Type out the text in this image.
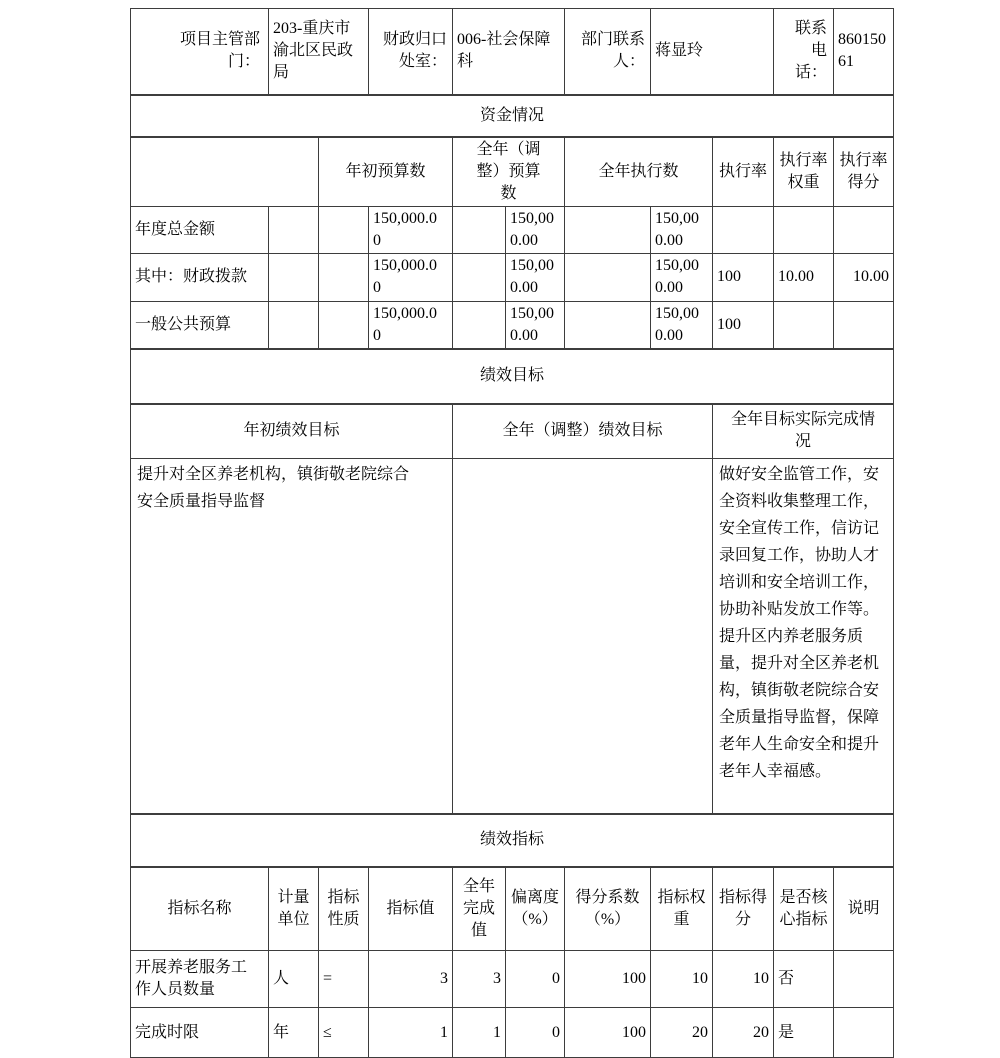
项目主管部门：	203-重庆市渝北区民政局		财政归口处室：	006-社会保障科		部门联系人：	蒋显玲		联系电话：	86015061
资金情况										
		年初预算数		全年（调整）预算数		全年执行数		执行率	执行率权重	执行率得分
年度总金额			150,000.00		150,000.00		150,000.00			
其中：财政拨款			150,000.00		150,000.00		150,000.00	100	10.00	10.00
一般公共预算			150,000.00		150,000.00		150,000.00	100		
绩效目标										
年初绩效目标				全年（调整）绩效目标				全年目标实际完成情况		
提升对全区养老机构，镇街敬老院综合安全质量指导监督								做好安全监管工作，安全资料收集整理工作，安全宣传工作，信访记录回复工作，协助人才培训和安全培训工作，协助补贴发放工作等。提升区内养老服务质量，提升对全区养老机构，镇街敬老院综合安全质量指导监督，保障老年人生命安全和提升老年人幸福感。		
绩效指标										
指标名称	计量单位	指标性质	指标值	全年完成值	偏离度（%）	得分系数（%）	指标权重	指标得分	是否核心指标	说明
开展养老服务工作人员数量	人	=	3	3	0	100	10	10	否	
完成时限	年	≤	1	1	0	100	20	20	是	
